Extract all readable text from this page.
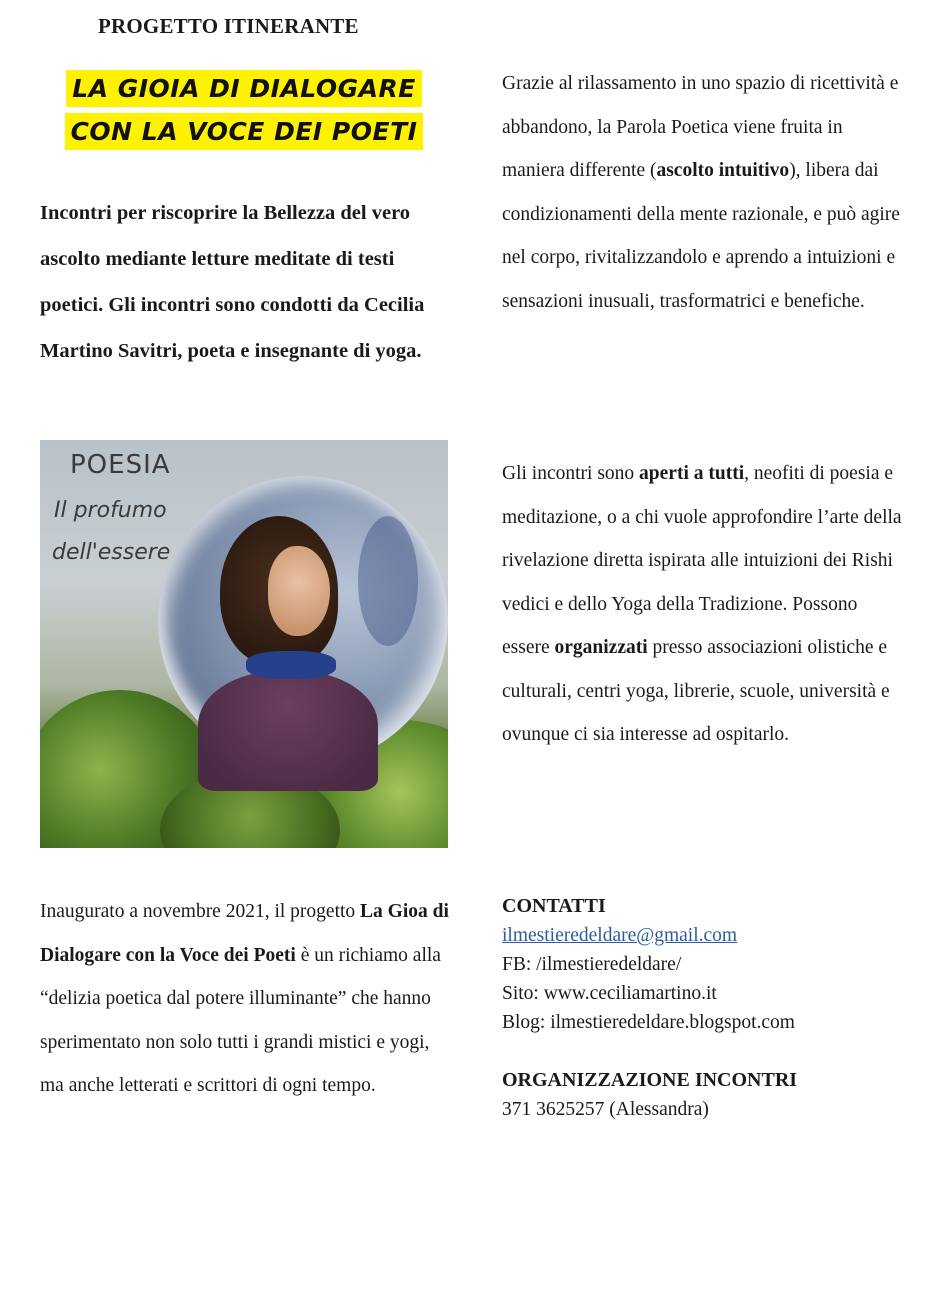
PROGETTO ITINERANTE
LA GIOIA DI DIALOGARE
CON LA VOCE DEI POETI

Incontri per riscoprire la Bellezza del vero ascolto mediante letture meditate di testi poetici. Gli incontri sono condotti da Cecilia Martino Savitri, poeta e insegnante di yoga.

POESIA

Il profumo

dell'essere

Inaugurato a novembre 2021, il progetto La Gioa di Dialogare con la Voce dei Poeti è un richiamo alla “delizia poetica dal potere illuminante” che hanno sperimentato non solo tutti i grandi mistici e yogi, ma anche letterati e scrittori di ogni tempo.

Grazie al rilassamento in uno spazio di ricettività e abbandono, la Parola Poetica viene fruita in maniera differente (ascolto intuitivo), libera dai condizionamenti della mente razionale, e può agire nel corpo, rivitalizzandolo e aprendo a intuizioni e sensazioni inusuali, trasformatrici e benefiche.

Gli incontri sono aperti a tutti, neofiti di poesia e meditazione, o a chi vuole approfondire l’arte della rivelazione diretta ispirata alle intuizioni dei Rishi vedici e dello Yoga della Tradizione. Possono essere organizzati presso associazioni olistiche e culturali, centri yoga, librerie, scuole, università e ovunque ci sia interesse ad ospitarlo.

CONTATTI
ilmestieredeldare@gmail.com
FB: /ilmestieredeldare/
Sito: www.ceciliamartino.it
Blog: ilmestieredeldare.blogspot.com
ORGANIZZAZIONE INCONTRI
371 3625257 (Alessandra)
